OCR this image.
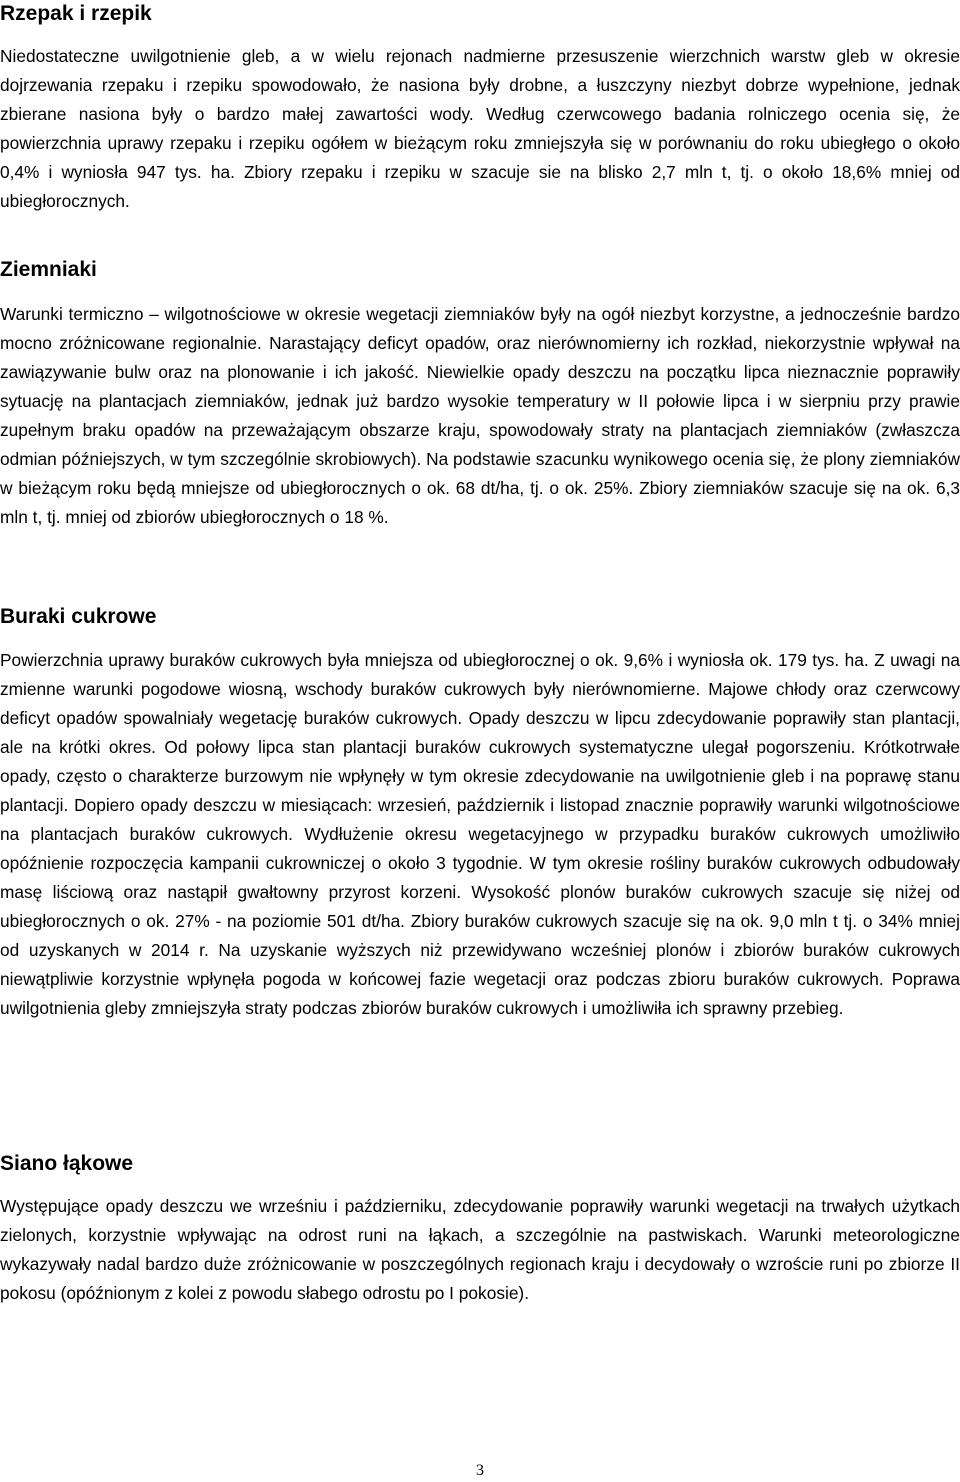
Rzepak i rzepik

Niedostateczne uwilgotnienie gleb, a w wielu rejonach nadmierne przesuszenie wierzchnich warstw gleb w okresie dojrzewania rzepaku i rzepiku spowodowało, że nasiona były drobne, a łuszczyny niezbyt dobrze wypełnione, jednak zbierane nasiona były o bardzo małej zawartości wody. Według czerwcowego badania rolniczego ocenia się, że powierzchnia uprawy rzepaku i rzepiku ogółem w bieżącym roku zmniejszyła się w porównaniu do roku ubiegłego o około 0,4% i wyniosła 947 tys. ha. Zbiory rzepaku i rzepiku w szacuje sie na blisko 2,7 mln t, tj. o około 18,6% mniej od ubiegłorocznych.

Ziemniaki

Warunki termiczno – wilgotnościowe w okresie wegetacji ziemniaków były na ogół niezbyt korzystne, a jednocześnie bardzo mocno zróżnicowane regionalnie. Narastający deficyt opadów, oraz nierównomierny ich rozkład, niekorzystnie wpływał na zawiązywanie bulw oraz na plonowanie i ich jakość. Niewielkie opady deszczu na początku lipca nieznacznie poprawiły sytuację na plantacjach ziemniaków, jednak już bardzo wysokie temperatury w II połowie lipca i w sierpniu przy prawie zupełnym braku opadów na przeważającym obszarze kraju, spowodowały straty na plantacjach ziemniaków (zwłaszcza odmian późniejszych, w tym szczególnie skrobiowych). Na podstawie szacunku wynikowego ocenia się, że plony ziemniaków w bieżącym roku będą mniejsze od ubiegłorocznych o ok. 68 dt/ha, tj. o ok. 25%. Zbiory ziemniaków szacuje się na ok. 6,3 mln t, tj. mniej od zbiorów ubiegłorocznych o 18 %.

Buraki cukrowe

Powierzchnia uprawy buraków cukrowych była mniejsza od ubiegłorocznej o ok. 9,6% i wyniosła ok. 179 tys. ha. Z uwagi na zmienne warunki pogodowe wiosną, wschody buraków cukrowych były nierównomierne. Majowe chłody oraz czerwcowy deficyt opadów spowalniały wegetację buraków cukrowych. Opady deszczu w lipcu zdecydowanie poprawiły stan plantacji, ale na krótki okres. Od połowy lipca stan plantacji buraków cukrowych systematyczne ulegał pogorszeniu. Krótkotrwałe opady, często o charakterze burzowym nie wpłynęły w tym okresie zdecydowanie na uwilgotnienie gleb i na poprawę stanu plantacji. Dopiero opady deszczu w miesiącach: wrzesień, październik i listopad znacznie poprawiły warunki wilgotnościowe na plantacjach buraków cukrowych. Wydłużenie okresu wegetacyjnego w przypadku buraków cukrowych umożliwiło opóźnienie rozpoczęcia kampanii cukrowniczej o około 3 tygodnie. W tym okresie rośliny buraków cukrowych odbudowały masę liściową oraz nastąpił gwałtowny przyrost korzeni. Wysokość plonów buraków cukrowych szacuje się niżej od ubiegłorocznych o ok. 27% - na poziomie 501 dt/ha. Zbiory buraków cukrowych szacuje się na ok. 9,0 mln t tj. o 34% mniej od uzyskanych w 2014 r. Na uzyskanie wyższych niż przewidywano wcześniej plonów i zbiorów buraków cukrowych niewątpliwie korzystnie wpłynęła pogoda w końcowej fazie wegetacji oraz podczas zbioru buraków cukrowych. Poprawa uwilgotnienia gleby zmniejszyła straty podczas zbiorów buraków cukrowych i umożliwiła ich sprawny przebieg.

Siano łąkowe

Występujące opady deszczu we wrześniu i październiku, zdecydowanie poprawiły warunki wegetacji na trwałych użytkach zielonych, korzystnie wpływając na odrost runi na łąkach, a szczególnie na pastwiskach. Warunki meteorologiczne wykazywały nadal bardzo duże zróżnicowanie w poszczególnych regionach kraju i decydowały o wzroście runi po zbiorze II pokosu (opóźnionym z kolei z powodu słabego odrostu po I pokosie).

3
